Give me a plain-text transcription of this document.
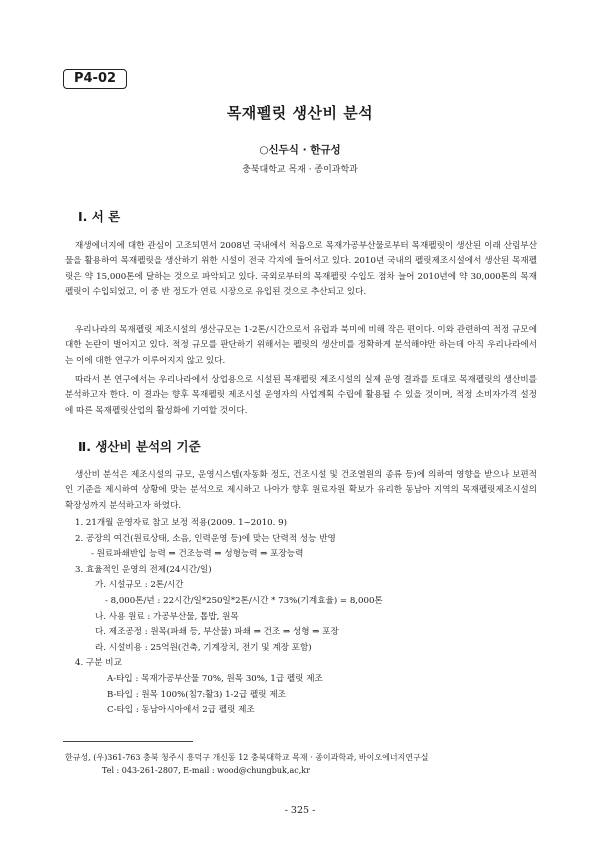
P4-02
목재펠릿 생산비 분석
○신두식 · 한규성
충북대학교 목재 · 종이과학과
Ⅰ. 서 론

재생에너지에 대한 관심이 고조되면서 2008년 국내에서 처음으로 목재가공부산물로부터 목재펠릿이 생산된 이래 산림부산물을 활용하여 목재펠릿을 생산하기 위한 시설이 전국 각지에 들어서고 있다. 2010년 국내의 펠릿제조시설에서 생산된 목재펠릿은 약 15,000톤에 달하는 것으로 파악되고 있다. 국외로부터의 목재펠릿 수입도 점차 늘어 2010년에 약 30,000톤의 목재펠릿이 수입되었고, 이 중 반 정도가 연료 시장으로 유입된 것으로 추산되고 있다.

우리나라의 목재펠릿 제조시설의 생산규모는 1-2톤/시간으로서 유럽과 북미에 비해 작은 편이다. 이와 관련하여 적정 규모에 대한 논란이 벌어지고 있다. 적정 규모를 판단하기 위해서는 펠릿의 생산비를 정확하게 분석해야만 하는데 아직 우리나라에서는 이에 대한 연구가 이루어지지 않고 있다.

따라서 본 연구에서는 우리나라에서 상업용으로 시설된 목재펠릿 제조시설의 실제 운영 결과를 토대로 목재펠릿의 생산비를 분석하고자 한다. 이 결과는 향후 목재펠릿 제조시설 운영자의 사업계획 수립에 활용될 수 있을 것이며, 적정 소비자가격 설정에 따른 목재펠릿산업의 활성화에 기여할 것이다.

Ⅱ. 생산비 분석의 기준

생산비 분석은 제조시설의 규모, 운영시스템(자동화 정도, 건조시설 및 건조열원의 종류 등)에 의하여 영향을 받으나 보편적인 기준을 제시하여 상황에 맞는 분석으로 제시하고 나아가 향후 원료자원 확보가 유리한 동남아 지역의 목재펠릿제조시설의 확장성까지 분석하고자 하였다.

1. 21개월 운영자료 참고 보정 적용(2009. 1~2010. 9)
2. 공장의 여건(원료상태, 소음, 인력운영 등)에 맞는 단력적 성능 반영
- 원료파쇄반입 능력 ⇒ 건조능력 ⇒ 성형능력 ⇒ 포장능력
3. 효율적인 운영의 전제(24시간/일)
가. 시설규모 : 2톤/시간
- 8,000톤/년 : 22시간/일*250일*2톤/시간 * 73%(기계효율) = 8,000톤
나. 사용 원료 : 가공부산물, 톱밥, 원목
다. 제조공정 : 원목(파쇄 등, 부산물) 파쇄 ⇒ 건조 ⇒ 성형 ⇒ 포장
라. 시설비용 : 25억원(건축, 기계장치, 전기 및 계장 포함)
4. 구분 비교
A-타입 : 목재가공부산물 70%, 원목 30%, 1급 펠릿 제조
B-타입 : 원목 100%(침7:활3) 1-2급 펠릿 제조
C-타입 : 동남아시아에서 2급 펠릿 제조
한규성, (우)361-763 충북 청주시 흥덕구 개신동 12 충북대학교 목재 · 종이과학과, 바이오에너지연구실
Tel : 043-261-2807, E-mail : wood@chungbuk,ac,kr
- 325 -
